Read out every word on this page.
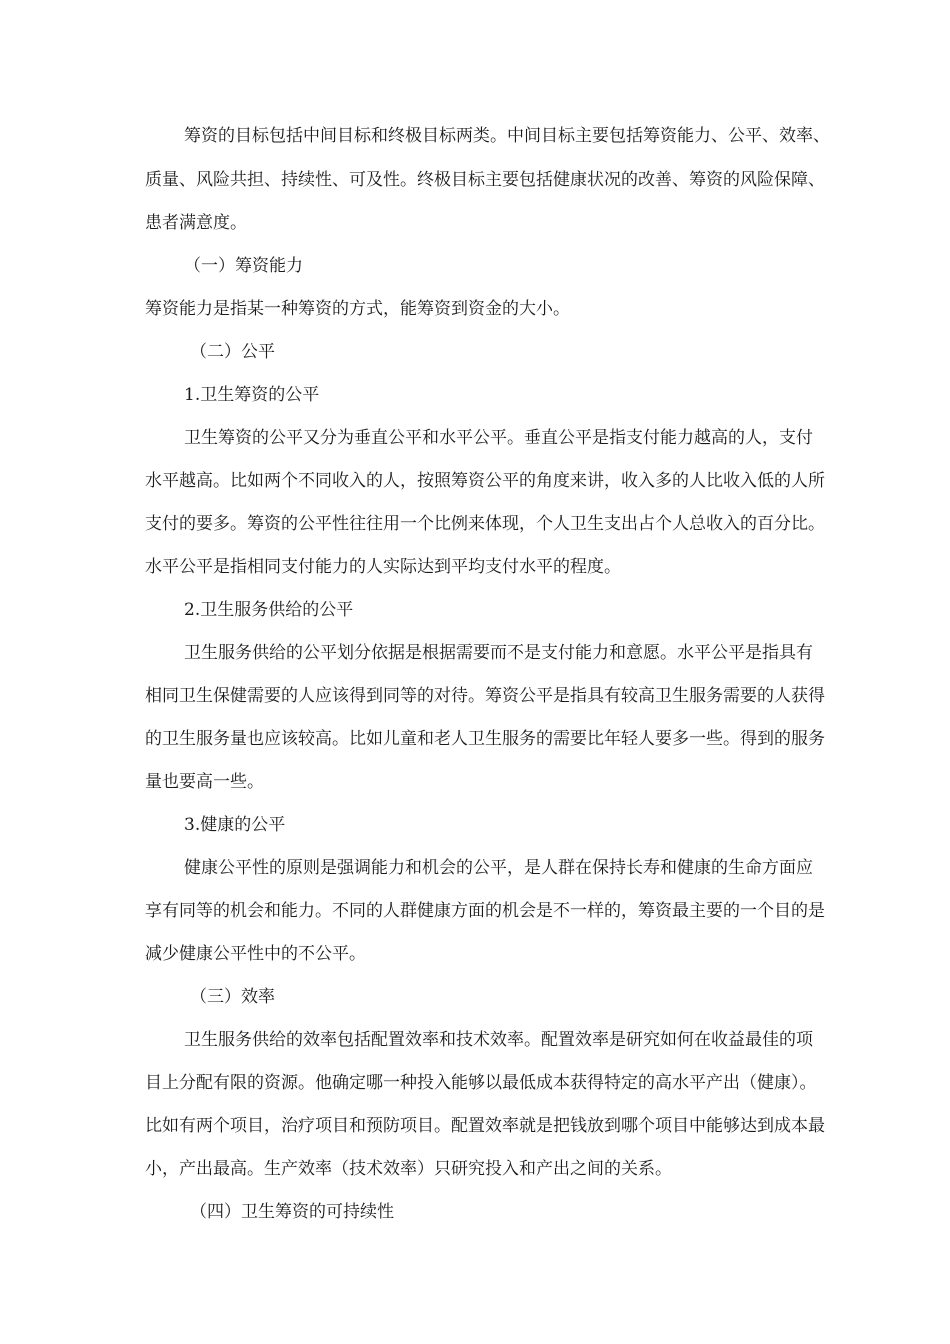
筹资的目标包括中间目标和终极目标两类。中间目标主要包括筹资能力、公平、效率、
质量、风险共担、持续性、可及性。终极目标主要包括健康状况的改善、筹资的风险保障、
患者满意度。
（一）筹资能力
筹资能力是指某一种筹资的方式，能筹资到资金的大小。
（二）公平
1.卫生筹资的公平
卫生筹资的公平又分为垂直公平和水平公平。垂直公平是指支付能力越高的人，支付
水平越高。比如两个不同收入的人，按照筹资公平的角度来讲，收入多的人比收入低的人所
支付的要多。筹资的公平性往往用一个比例来体现，个人卫生支出占个人总收入的百分比。
水平公平是指相同支付能力的人实际达到平均支付水平的程度。
2.卫生服务供给的公平
卫生服务供给的公平划分依据是根据需要而不是支付能力和意愿。水平公平是指具有
相同卫生保健需要的人应该得到同等的对待。筹资公平是指具有较高卫生服务需要的人获得
的卫生服务量也应该较高。比如儿童和老人卫生服务的需要比年轻人要多一些。得到的服务
量也要高一些。
3.健康的公平
健康公平性的原则是强调能力和机会的公平，是人群在保持长寿和健康的生命方面应
享有同等的机会和能力。不同的人群健康方面的机会是不一样的，筹资最主要的一个目的是
减少健康公平性中的不公平。
（三）效率
卫生服务供给的效率包括配置效率和技术效率。配置效率是研究如何在收益最佳的项
目上分配有限的资源。他确定哪一种投入能够以最低成本获得特定的高水平产出（健康）。
比如有两个项目，治疗项目和预防项目。配置效率就是把钱放到哪个项目中能够达到成本最
小，产出最高。生产效率（技术效率）只研究投入和产出之间的关系。
（四）卫生筹资的可持续性
